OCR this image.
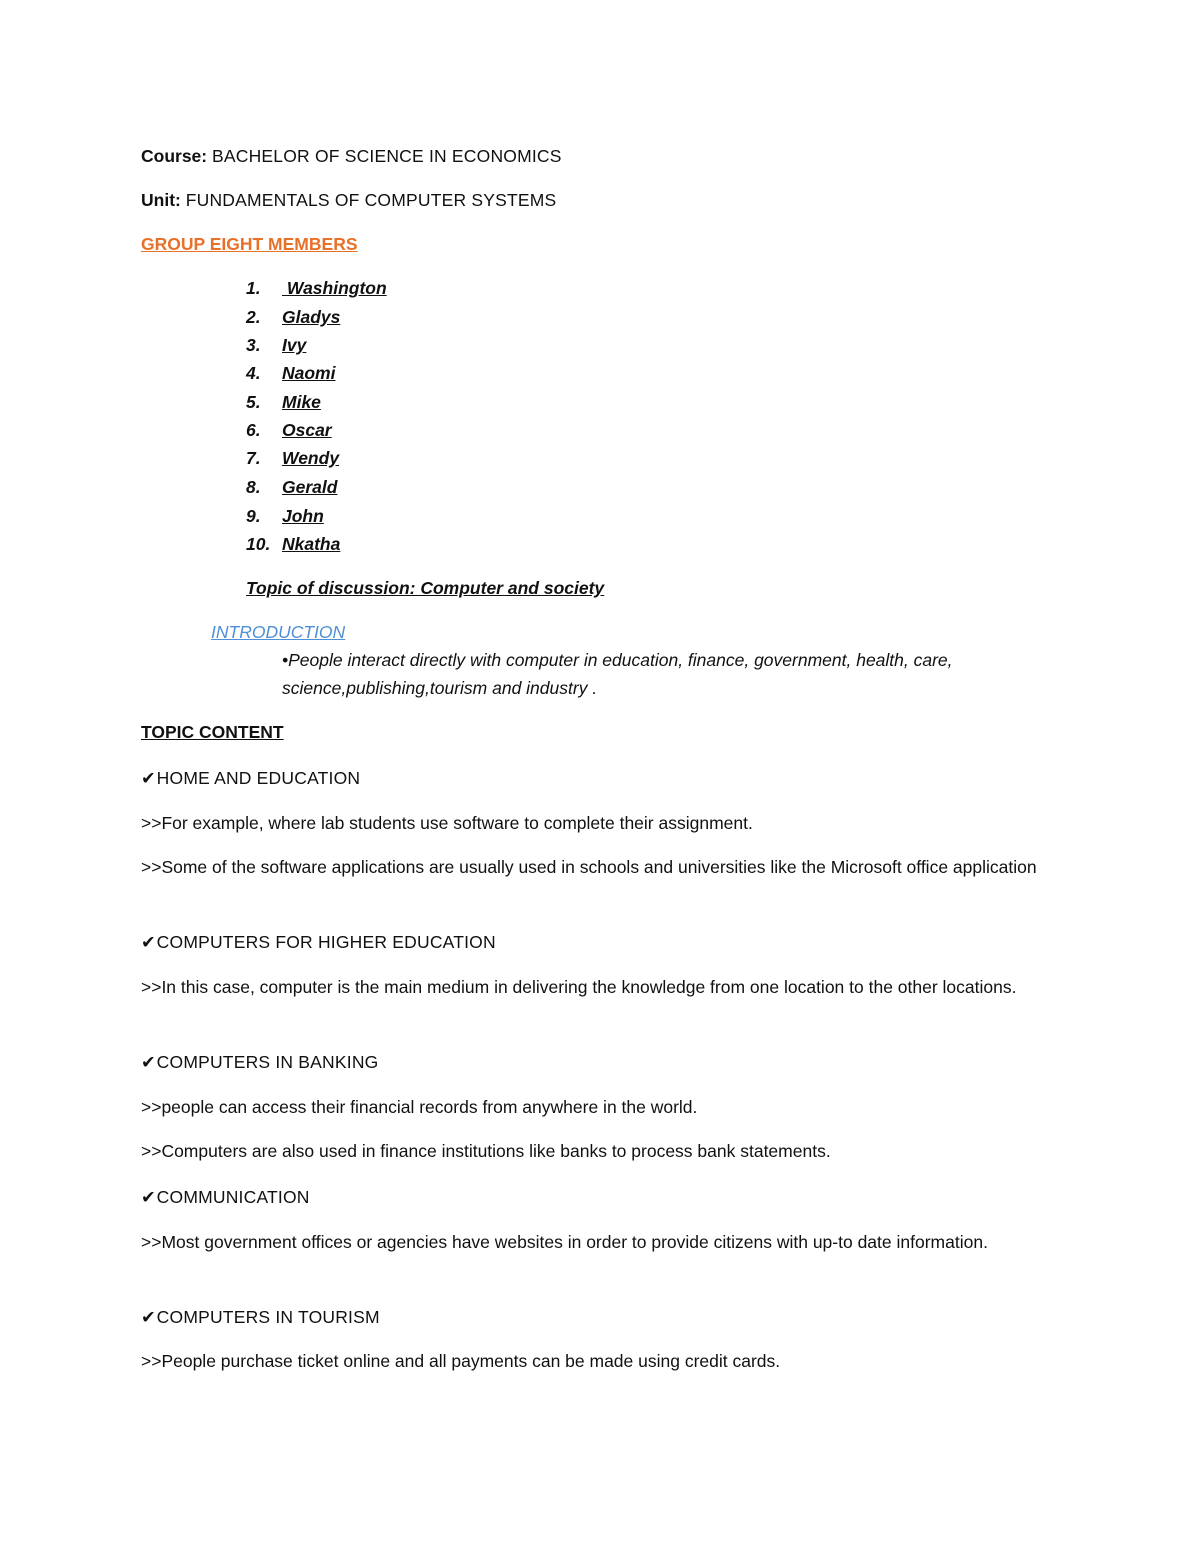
Course: BACHELOR OF SCIENCE IN ECONOMICS
Unit: FUNDAMENTALS OF COMPUTER SYSTEMS
GROUP EIGHT MEMBERS
1.	Washington
2.	Gladys
3.	Ivy
4.	Naomi
5.	Mike
6.	Oscar
7.	Wendy
8.	Gerald
9.	John
10. Nkatha
Topic of discussion: Computer and society
INTRODUCTION
•People interact directly with computer in education, finance, government, health, care,
science,publishing,tourism and industry .
TOPIC CONTENT
✔HOME AND EDUCATION
>>For example, where lab students use software to complete their assignment.
>>Some of the software applications are usually used in schools and universities like the Microsoft office application
✔COMPUTERS FOR HIGHER EDUCATION
>>In this case, computer is the main medium in delivering the knowledge from one location to the other locations.
✔COMPUTERS IN BANKING
>>people can access their financial records from anywhere in the world.
>>Computers are also used in finance institutions like banks to process bank statements.
✔COMMUNICATION
>>Most government offices or agencies have websites in order to provide citizens with up-to date information.
✔COMPUTERS IN TOURISM
>>People purchase ticket online and all payments can be made using credit cards.
